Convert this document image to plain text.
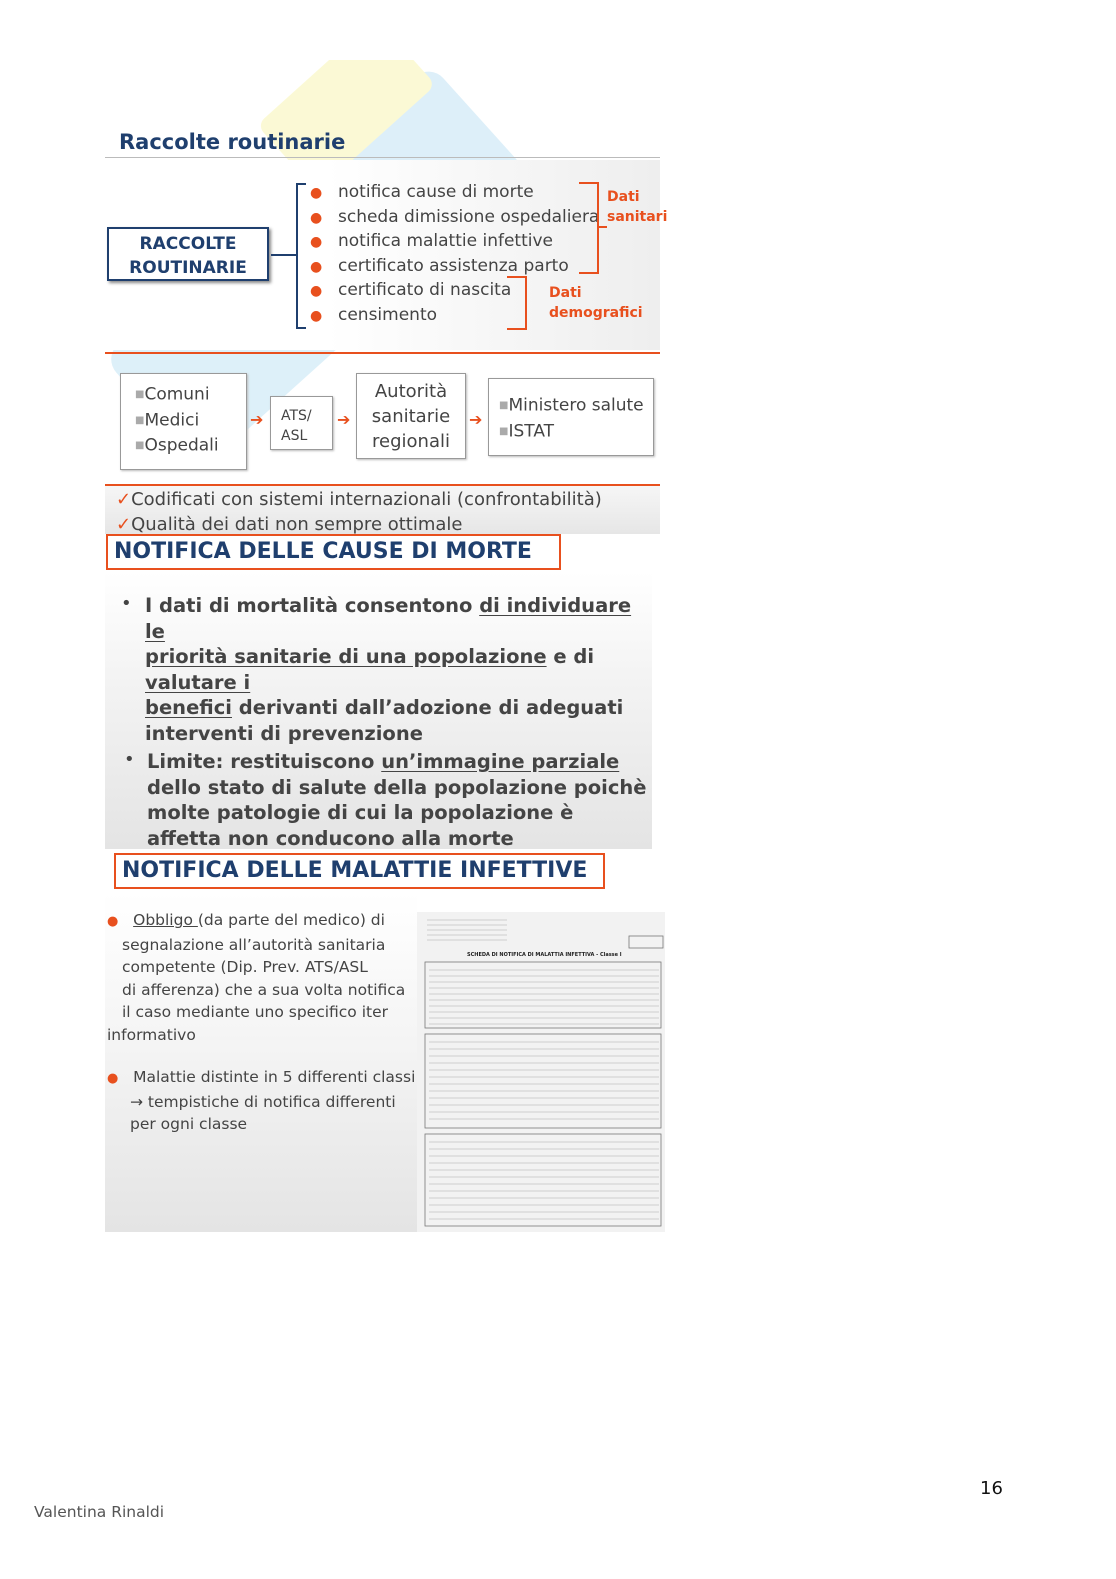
Raccolte routinarie
RACCOLTE
ROUTINARIE
● notifica cause di morte
● scheda dimissione ospedaliera
● notifica malattie infettive
● certificato assistenza parto
● certificato di nascita
● censimento
Dati
sanitari
Dati
demografici
■Comuni
■Medici
■Ospedali
➔ ATS/
ASL
➔
Autorità
sanitarie
regionali
➔
■Ministero salute
■ISTAT
✓Codificati con sistemi internazionali (confrontabilità)
✓Qualità dei dati non sempre ottimale
NOTIFICA DELLE CAUSE DI MORTE
• I dati di mortalità consentono di individuare le
priorità sanitarie di una popolazione e di valutare i
benefici derivanti dall’adozione di adeguati interventi di prevenzione
• Limite: restituiscono un’immagine parziale dello stato di salute della popolazione poichè molte patologie di cui la popolazione è affetta non conducono alla morte
NOTIFICA DELLE MALATTIE INFETTIVE
● Obbligo (da parte del medico) di
segnalazione all’autorità sanitaria
competente (Dip. Prev. ATS/ASL
di afferenza) che a sua volta notifica
il caso mediante uno specifico iter
informativo
● Malattie distinte in 5 differenti classi
→ tempistiche di notifica differenti
per ogni classe
SCHEDA DI NOTIFICA DI MALATTIA INFETTIVA - Classe I
16
Valentina Rinaldi
